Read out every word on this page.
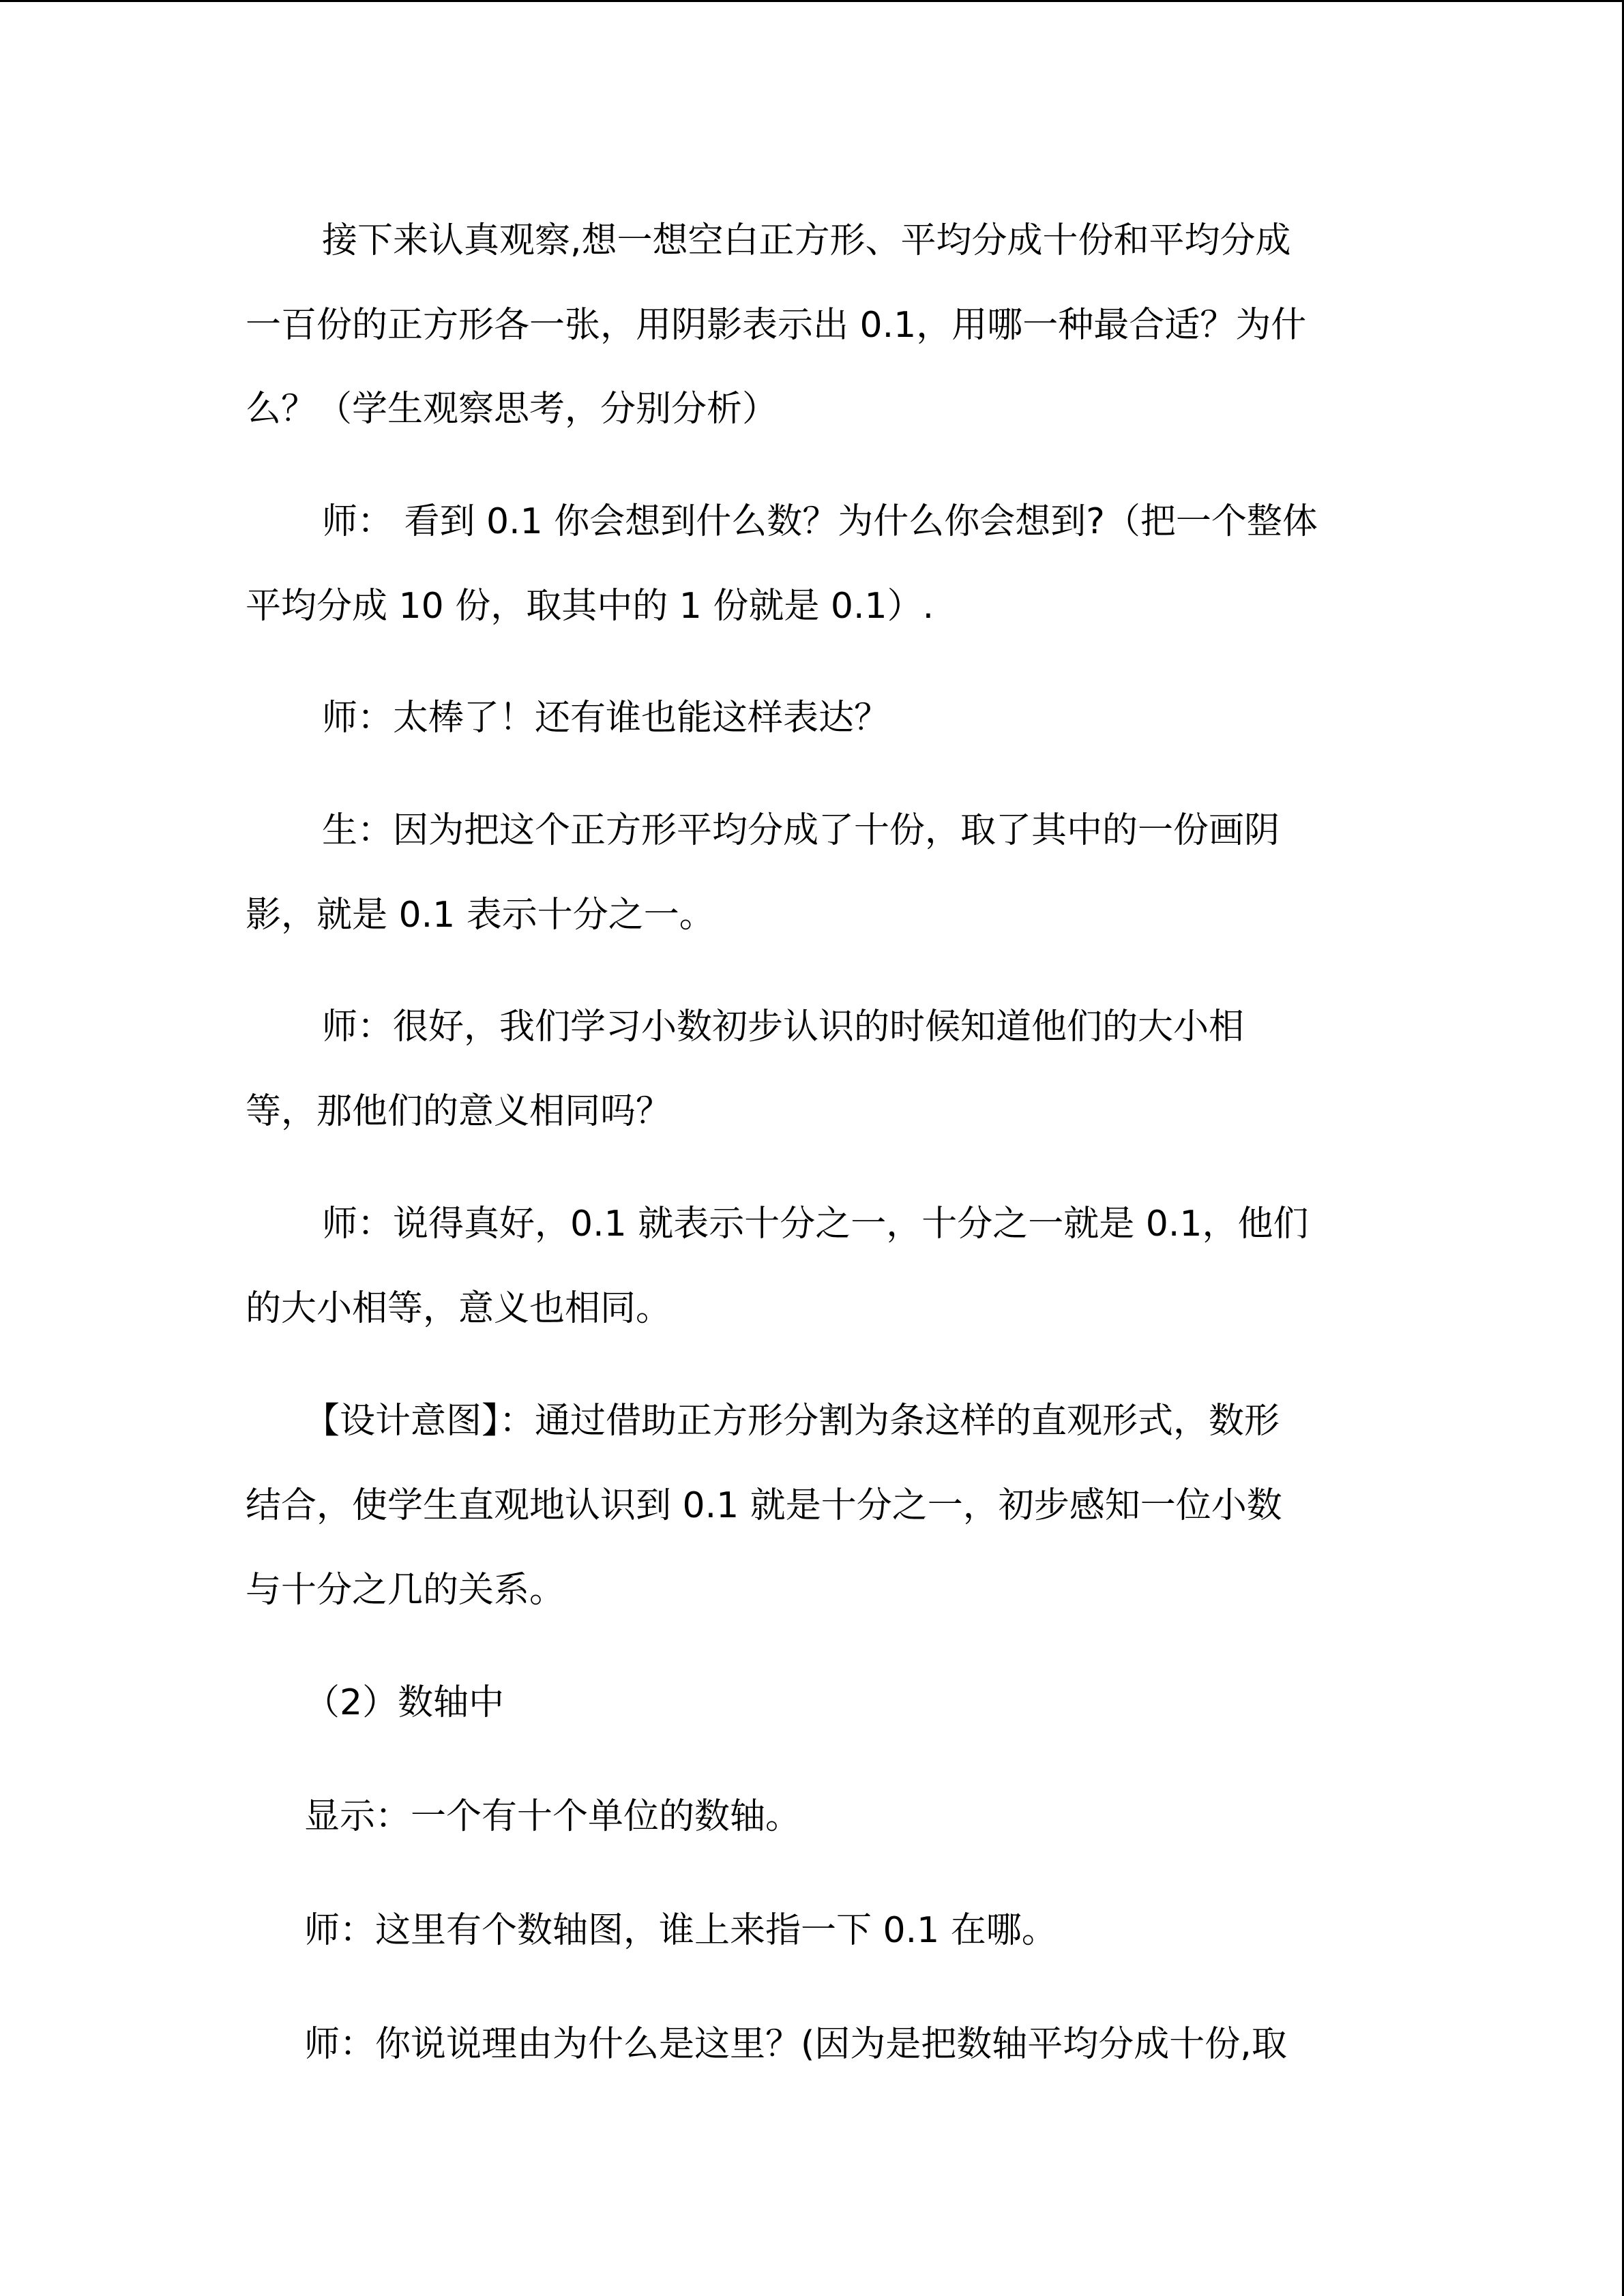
接下来认真观察,想一想空白正方形、平均分成十份和平均分成
一百份的正方形各一张，用阴影表示出 0.1，用哪一种最合适？为什
么？（学生观察思考，分别分析）
师： 看到 0.1 你会想到什么数？为什么你会想到?（把一个整体
平均分成 10 份，取其中的 1 份就是 0.1）.
师：太棒了！还有谁也能这样表达？
生：因为把这个正方形平均分成了十份，取了其中的一份画阴
影，就是 0.1 表示十分之一。
师：很好，我们学习小数初步认识的时候知道他们的大小相
等，那他们的意义相同吗？
师：说得真好，0.1 就表示十分之一，十分之一就是 0.1，他们
的大小相等，意义也相同。
【设计意图】：通过借助正方形分割为条这样的直观形式，数形
结合，使学生直观地认识到 0.1 就是十分之一，初步感知一位小数
与十分之几的关系。
（2）数轴中
显示：一个有十个单位的数轴。
师：这里有个数轴图，谁上来指一下 0.1 在哪。
师：你说说理由为什么是这里？(因为是把数轴平均分成十份,取
